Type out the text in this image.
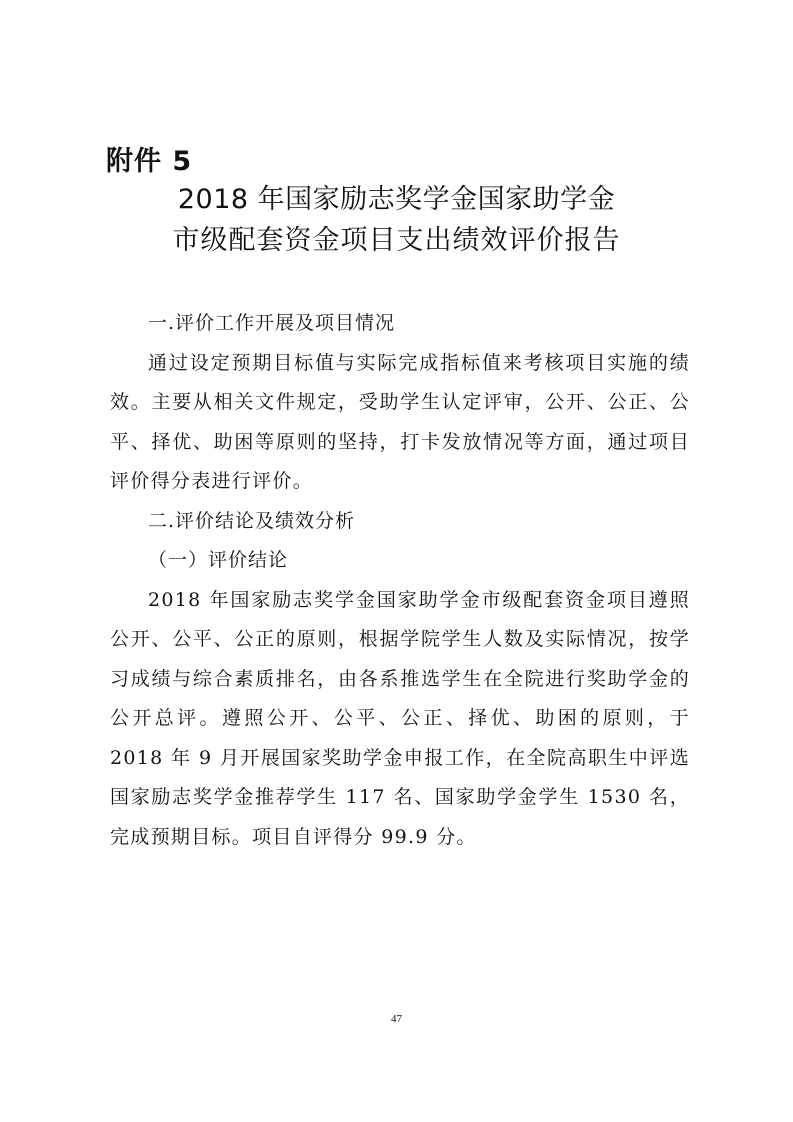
附件 5
2018 年国家励志奖学金国家助学金
市级配套资金项目支出绩效评价报告

一.评价工作开展及项目情况

通过设定预期目标值与实际完成指标值来考核项目实施的绩效。主要从相关文件规定，受助学生认定评审，公开、公正、公平、择优、助困等原则的坚持，打卡发放情况等方面，通过项目评价得分表进行评价。

二.评价结论及绩效分析

（一）评价结论

2018 年国家励志奖学金国家助学金市级配套资金项目遵照公开、公平、公正的原则，根据学院学生人数及实际情况，按学习成绩与综合素质排名，由各系推选学生在全院进行奖助学金的公开总评。遵照公开、公平、公正、择优、助困的原则，于 2018 年 9 月开展国家奖助学金申报工作，在全院高职生中评选国家励志奖学金推荐学生 117 名、国家助学金学生 1530 名，完成预期目标。项目自评得分 99.9 分。

47
